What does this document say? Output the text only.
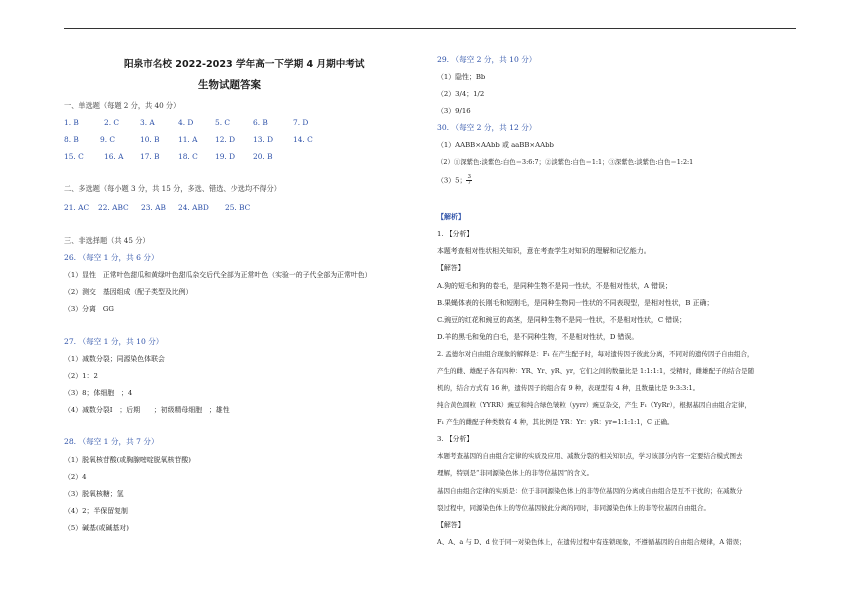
阳泉市名校 2022-2023 学年高一下学期 4 月期中考试
生物试题答案
一、单选题（每题 2 分，共 40 分）
1. B	2. C	3. A	4. D	5. C	6. B	7. D
8. B	9. C	10. B 11. A 12. D 13. D	14. C
15. C	16. A 17. B 18. C 19. D 20. B
二、多选题（每小题 3 分，共 15 分，多选、错选、少选均不得分）
21. AC 22. ABC 23. AB 24. ABD 25. BC
三、非选择题（共 45 分）
26. （每空 1 分，共 6 分）
（1）显性　正常叶色甜瓜和黄绿叶色甜瓜杂交后代全部为正常叶色（实验一的子代全部为正常叶色）
（2）测交　基因组成（配子类型及比例）
（3）分离　GG
27. （每空 1 分，共 10 分）
（1）减数分裂；同源染色体联会
（2）1：2
（3）8；体细胞　；4
（4）减数分裂Ⅰ　；后期　　；初级精母细胞　；雄性
28. （每空 1 分，共 7 分）
（1）脱氧核苷酸(或胸腺嘧啶脱氧核苷酸)
（2）4
（3）脱氧核糖；氢
（4）2；半保留复制
（5）碱基(或碱基对)
29. （每空 2 分，共 10 分）
（1）隐性；Bb
（2）3/4；1/2
（3）9/16
30. （每空 2 分，共 12 分）
（1）AABB×AAbb 或 aaBB×AAbb
（2）①深紫色:淡紫色:白色＝3:6:7；②淡紫色:白色＝1:1；③深紫色:淡紫色:白色＝1:2:1
（3）5； $\frac{3}{7}$
【解析】
1. 【分析】
本题考查相对性状相关知识，意在考查学生对知识的理解和记忆能力。
【解答】
A.狗的短毛和狗的卷毛，是同种生物不是同一性状，不是相对性状，A 错误；
B.果蝇体表的长刚毛和短刚毛，是同种生物同一性状的不同表现型，是相对性状，B 正确；
C.豌豆的红花和豌豆的高茎，是同种生物不是同一性状，不是相对性状，C 错误；
D.羊的黑毛和兔的白毛，是不同种生物，不是相对性状，D 错误。
2. 孟德尔对自由组合现象的解释是：F₁ 在产生配子时，每对遗传因子彼此分离，不同对的遗传因子自由组合，
产生的雌、雄配子各有四种：YR、Yr、yR、yr，它们之间的数量比是 1:1:1:1，受精时，雌雄配子的结合是随
机的，结合方式有 16 种，遗传因子的组合有 9 种，表现型有 4 种，且数量比是 9:3:3:1。
纯合黄色圆粒（YYRR）豌豆和纯合绿色皱粒（yyrr）豌豆杂交，产生 F₁（YyRr），根据基因自由组合定律，
F₁ 产生的雌配子种类数有 4 种，其比例是 YR：Yr：yR：yr=1:1:1:1，C 正确。
3. 【分析】
本题考查基因的自由组合定律的实质及应用、减数分裂的相关知识点，学习该部分内容一定要结合模式图去
理解，特别是“非同源染色体上的非等位基因”的含义。
基因自由组合定律的实质是：位于非同源染色体上的非等位基因的分离或自由组合是互不干扰的；在减数分
裂过程中，同源染色体上的等位基因彼此分离的同时，非同源染色体上的非等位基因自由组合。
【解答】
A、A、a 与 D、d 位于同一对染色体上，在遗传过程中有连锁现象，不遵循基因的自由组合规律，A 错误；
